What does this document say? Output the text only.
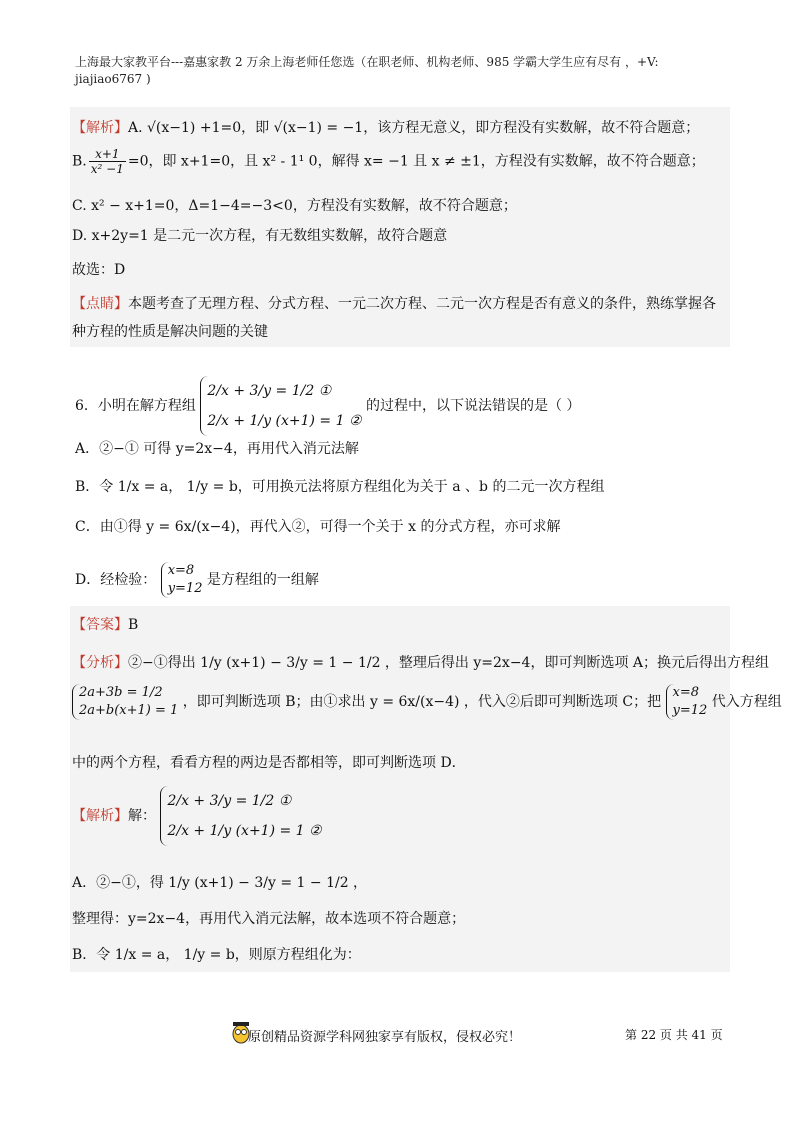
上海最大家教平台---嘉惠家教 2 万余上海老师任您选（在职老师、机构老师、985 学霸大学生应有尽有 ，+V:
jiajiao6767 )
【解析】A. √(x−1) +1=0，即 √(x−1) = −1，该方程无意义，即方程没有实数解，故不符合题意；
B. $\frac{x+1}{\text{x² −1}} =0$，即 x+1=0，且 x² - 1¹ 0，解得 x= −1 且 x ≠ ±1，方程没有实数解，故不符合题意；
C. x² − x+1=0，Δ=1−4=−3<0，方程没有实数解，故不符合题意；
D. x+2y=1 是二元一次方程，有无数组实数解，故符合题意
故选：D
【点睛】本题考查了无理方程、分式方程、一元二次方程、二元一次方程是否有意义的条件，熟练掌握各
种方程的性质是解决问题的关键
6．小明在解方程组
2/x + 3/y = 1/2 ①
2/x + 1/y (x+1) = 1 ②
的过程中，以下说法错误的是（ ）
A．②−① 可得 y=2x−4，再用代入消元法解
B．令 1/x = a， 1/y = b，可用换元法将原方程组化为关于 a 、b 的二元一次方程组
C．由①得 y = 6x/(x−4)，再代入②，可得一个关于 x 的分式方程，亦可求解
D．经检验：
x=8
y=12
是方程组的一组解
【答案】B
【分析】②−①得出 1/y (x+1) − 3/y = 1 − 1/2 ，整理后得出 y=2x−4，即可判断选项 A；换元后得出方程组
2a+3b = 1/2
2a+b(x+1) = 1
，即可判断选项 B；由①求出 y = 6x/(x−4) ，代入②后即可判断选项 C；把
x=8
y=12
代入方程组
中的两个方程，看看方程的两边是否都相等，即可判断选项 D．
【解析】解：
2/x + 3/y = 1/2 ①
2/x + 1/y (x+1) = 1 ②
A．②−①，得 1/y (x+1) − 3/y = 1 − 1/2 ，
整理得：y=2x−4，再用代入消元法解，故本选项不符合题意；
B．令 1/x = a， 1/y = b，则原方程组化为：
原创精品资源学科网独家享有版权，侵权必究！	第 22 页 共 41 页
